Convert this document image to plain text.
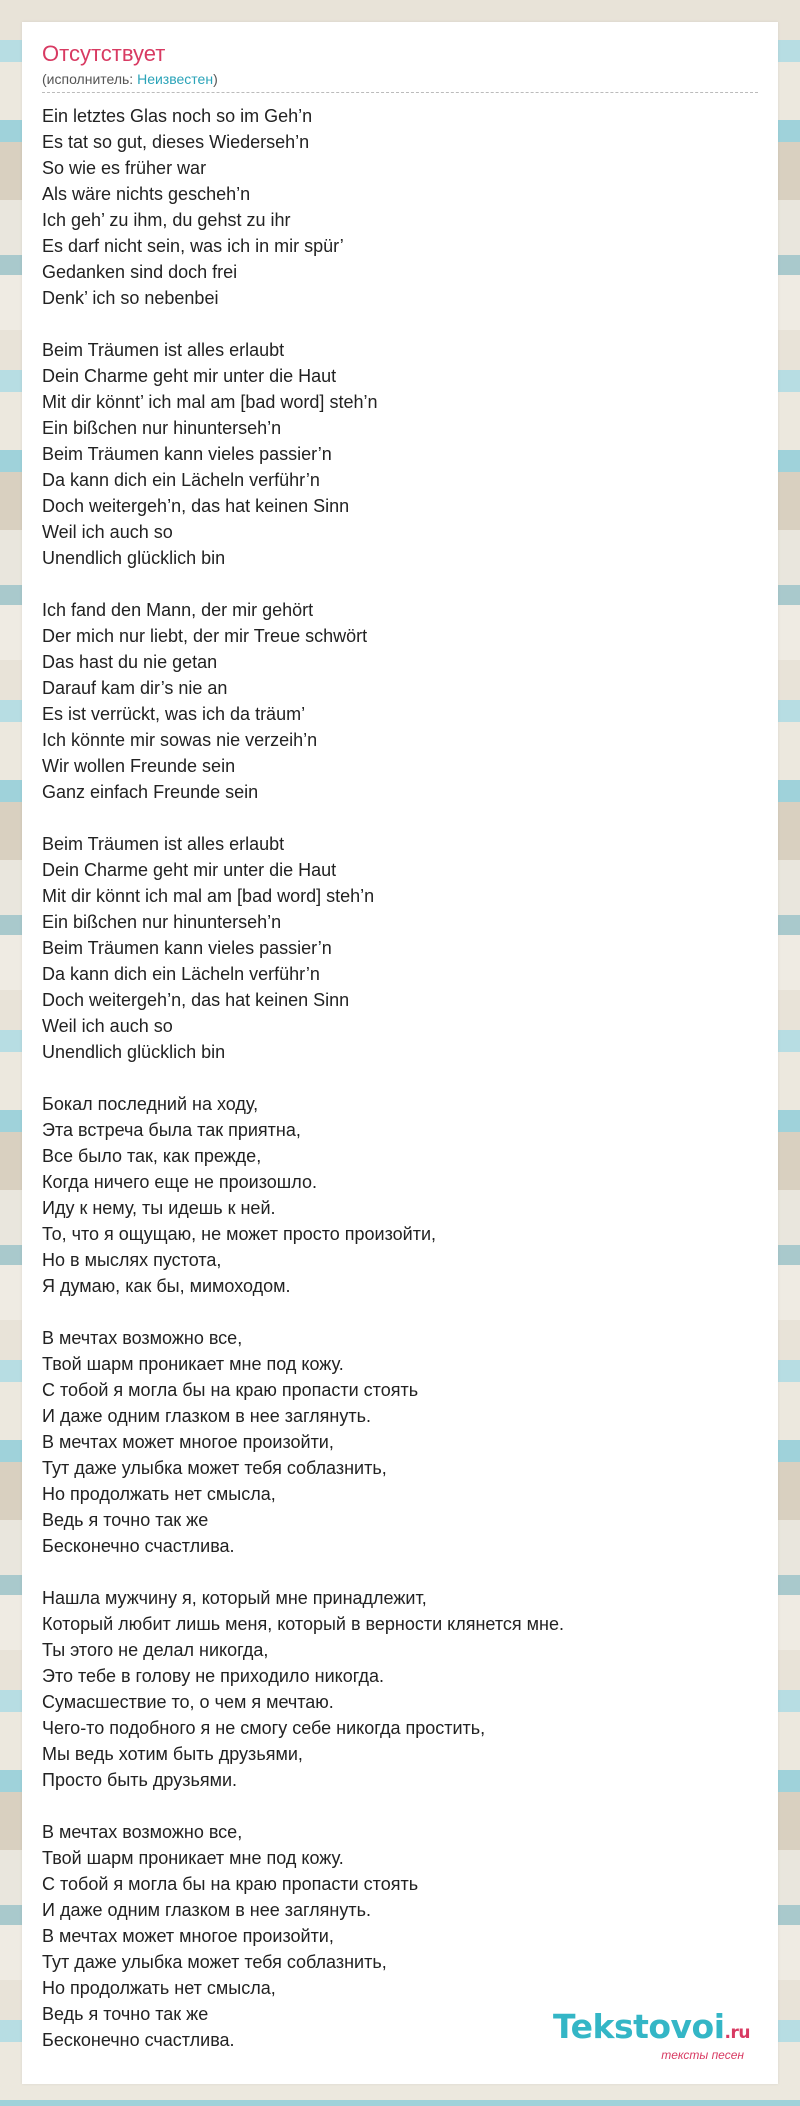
Отсутствует
(исполнитель: Неизвестен)
Ein letztes Glas noch so im Geh’n
Es tat so gut, dieses Wiederseh’n
So wie es früher war
Als wäre nichts gescheh’n
Ich geh’ zu ihm, du gehst zu ihr
Es darf nicht sein, was ich in mir spür’
Gedanken sind doch frei
Denk’ ich so nebenbei
Beim Träumen ist alles erlaubt
Dein Charme geht mir unter die Haut
Mit dir könnt’ ich mal am [bad word] steh’n
Ein bißchen nur hinunterseh’n
Beim Träumen kann vieles passier’n
Da kann dich ein Lächeln verführ’n
Doch weitergeh’n, das hat keinen Sinn
Weil ich auch so
Unendlich glücklich bin
Ich fand den Mann, der mir gehört
Der mich nur liebt, der mir Treue schwört
Das hast du nie getan
Darauf kam dir’s nie an
Es ist verrückt, was ich da träum’
Ich könnte mir sowas nie verzeih’n
Wir wollen Freunde sein
Ganz einfach Freunde sein
Beim Träumen ist alles erlaubt
Dein Charme geht mir unter die Haut
Mit dir könnt ich mal am [bad word] steh’n
Ein bißchen nur hinunterseh’n
Beim Träumen kann vieles passier’n
Da kann dich ein Lächeln verführ’n
Doch weitergeh’n, das hat keinen Sinn
Weil ich auch so
Unendlich glücklich bin
Бокал последний на ходу,
Эта встреча была так приятна,
Все было так, как прежде,
Когда ничего еще не произошло.
Иду к нему, ты идешь к ней.
То, что я ощущаю, не может просто произойти,
Но в мыслях пустота,
Я думаю, как бы, мимоходом.
В мечтах возможно все,
Твой шарм проникает мне под кожу.
С тобой я могла бы на краю пропасти стоять
И даже одним глазком в нее заглянуть.
В мечтах может многое произойти,
Тут даже улыбка может тебя соблазнить,
Но продолжать нет смысла,
Ведь я точно так же
Бесконечно счастлива.
Нашла мужчину я, который мне принадлежит,
Который любит лишь меня, который в верности клянется мне.
Ты этого не делал никогда,
Это тебе в голову не приходило никогда.
Сумасшествие то, о чем я мечтаю.
Чего-то подобного я не смогу себе никогда простить,
Мы ведь хотим быть друзьями,
Просто быть друзьями.
В мечтах возможно все,
Твой шарм проникает мне под кожу.
С тобой я могла бы на краю пропасти стоять
И даже одним глазком в нее заглянуть.
В мечтах может многое произойти,
Тут даже улыбка может тебя соблазнить,
Но продолжать нет смысла,
Ведь я точно так же
Бесконечно счастлива.	Tekstovoi.ru
тексты песен
